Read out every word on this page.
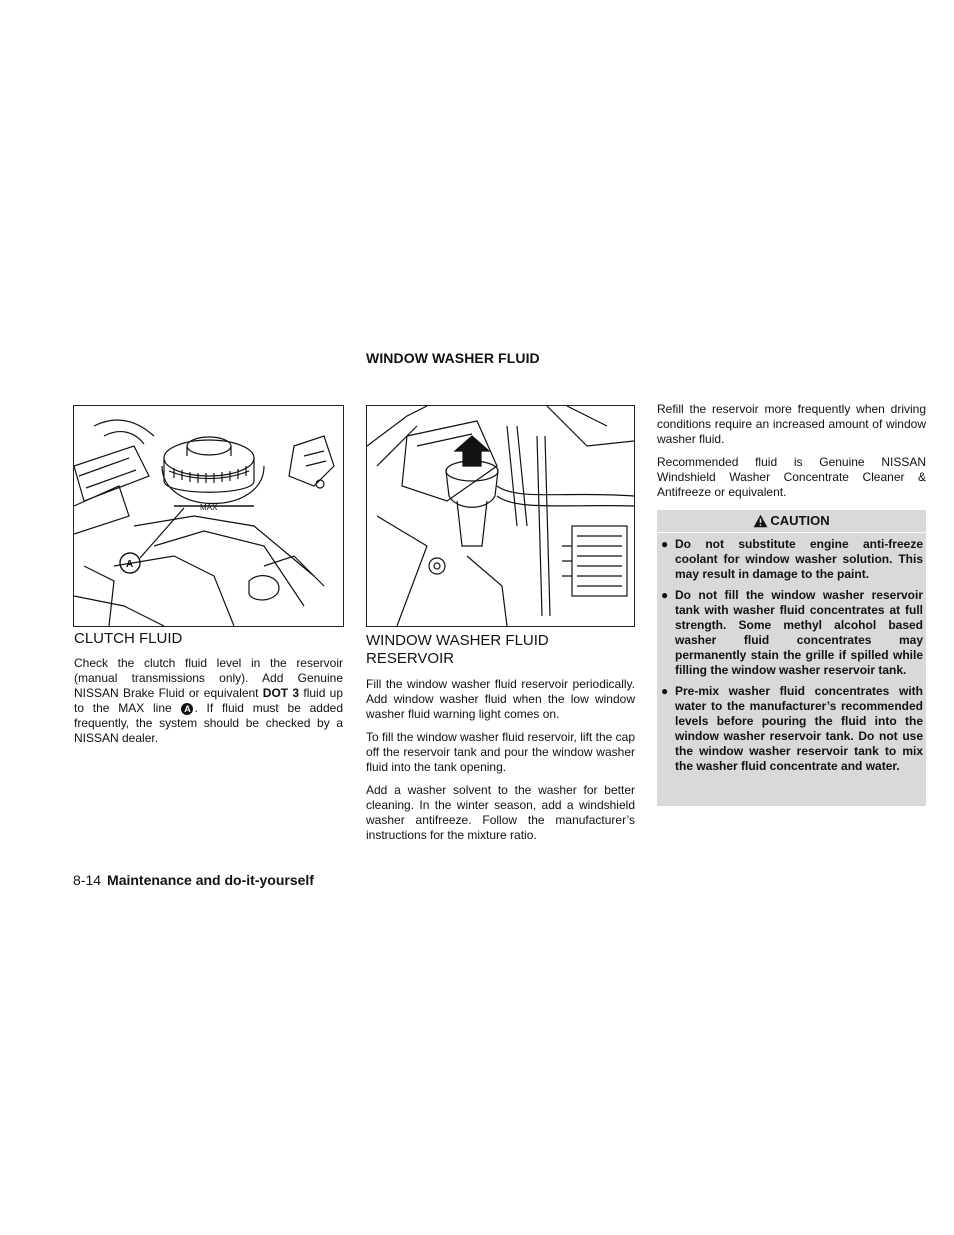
WINDOW WASHER FLUID
MAX
A
CLUTCH FLUID

Check the clutch fluid level in the reservoir (manual transmissions only). Add Genuine NISSAN Brake Fluid or equivalent DOT 3 fluid up to the MAX line A . If fluid must be added frequently, the system should be checked by a NISSAN dealer.

WINDOW WASHER FLUID RESERVOIR

Fill the window washer fluid reservoir periodically. Add window washer fluid when the low window washer fluid warning light comes on.

To fill the window washer fluid reservoir, lift the cap off the reservoir tank and pour the window washer fluid into the tank opening.

Add a washer solvent to the washer for better cleaning. In the winter season, add a windshield washer antifreeze. Follow the manufacturer’s instructions for the mixture ratio.

Refill the reservoir more frequently when driving conditions require an increased amount of window washer fluid.

Recommended fluid is Genuine NISSAN Windshield Washer Concentrate Cleaner & Antifreeze or equivalent.

CAUTION
● Do not substitute engine anti-freeze coolant for window washer solution. This may result in damage to the paint.
● Do not fill the window washer reservoir tank with washer fluid concentrates at full strength. Some methyl alcohol based washer fluid concentrates may permanently stain the grille if spilled while filling the window washer reservoir tank.
● Pre-mix washer fluid concentrates with water to the manufacturer’s recommended levels before pouring the fluid into the window washer reservoir tank. Do not use the window washer reservoir tank to mix the washer fluid concentrate and water.
8-14 Maintenance and do-it-yourself
